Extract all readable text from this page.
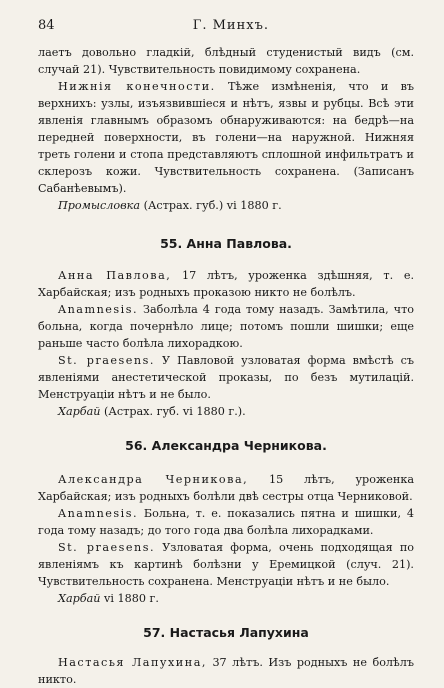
84	Г. Минхъ.

лаетъ довольно гладкій, блѣдный студенистый видъ (см. случай 21). Чувствительность повидимому сохранена.

Нижнія конечности. Тѣже измѣненія, что и въ верхнихъ: узлы, изъязвившіеся и нѣтъ, язвы и рубцы. Всѣ эти явленія главнымъ образомъ обнаруживаются: на бедрѣ—на передней поверхности, въ голени—на наружной. Нижняя треть голени и стопа представляютъ сплошной инфильтратъ и склерозъ кожи. Чувствительность сохранена. (Записанъ Сабанѣевымъ).

Промысловка (Астрах. губ.) vi 1880 г.

55. Анна Павлова.

Анна Павлова, 17 лѣтъ, уроженка здѣшняя, т. е. Харбайская; изъ родныхъ проказою никто не болѣлъ.

Anamnesis. Заболѣла 4 года тому назадъ. Замѣтила, что больна, когда почернѣло лице; потомъ пошли шишки; еще раньше часто болѣла лихорадкою.

St. praesens. У Павловой узловатая форма вмѣстѣ съ явленіями анестетической проказы, по безъ мутилацій. Менструаціи нѣтъ и не было.

Харбай (Астрах. губ. vi 1880 г.).

56. Александра Черникова.

Александра Черникова, 15 лѣтъ, уроженка Харбайская; изъ родныхъ болѣли двѣ сестры отца Черниковой.

Anamnesis. Больна, т. е. показались пятна и шишки, 4 года тому назадъ; до того года два болѣла лихорадками.

St. praesens. Узловатая форма, очень подходящая по явленіямъ къ картинѣ болѣзни у Еремицкой (случ. 21). Чувствительность сохранена. Менструаціи нѣтъ и не было.

Харбай vi 1880 г.

57. Настасья Лапухина

Настасья Лапухина, 37 лѣтъ. Изъ родныхъ не болѣлъ никто.
